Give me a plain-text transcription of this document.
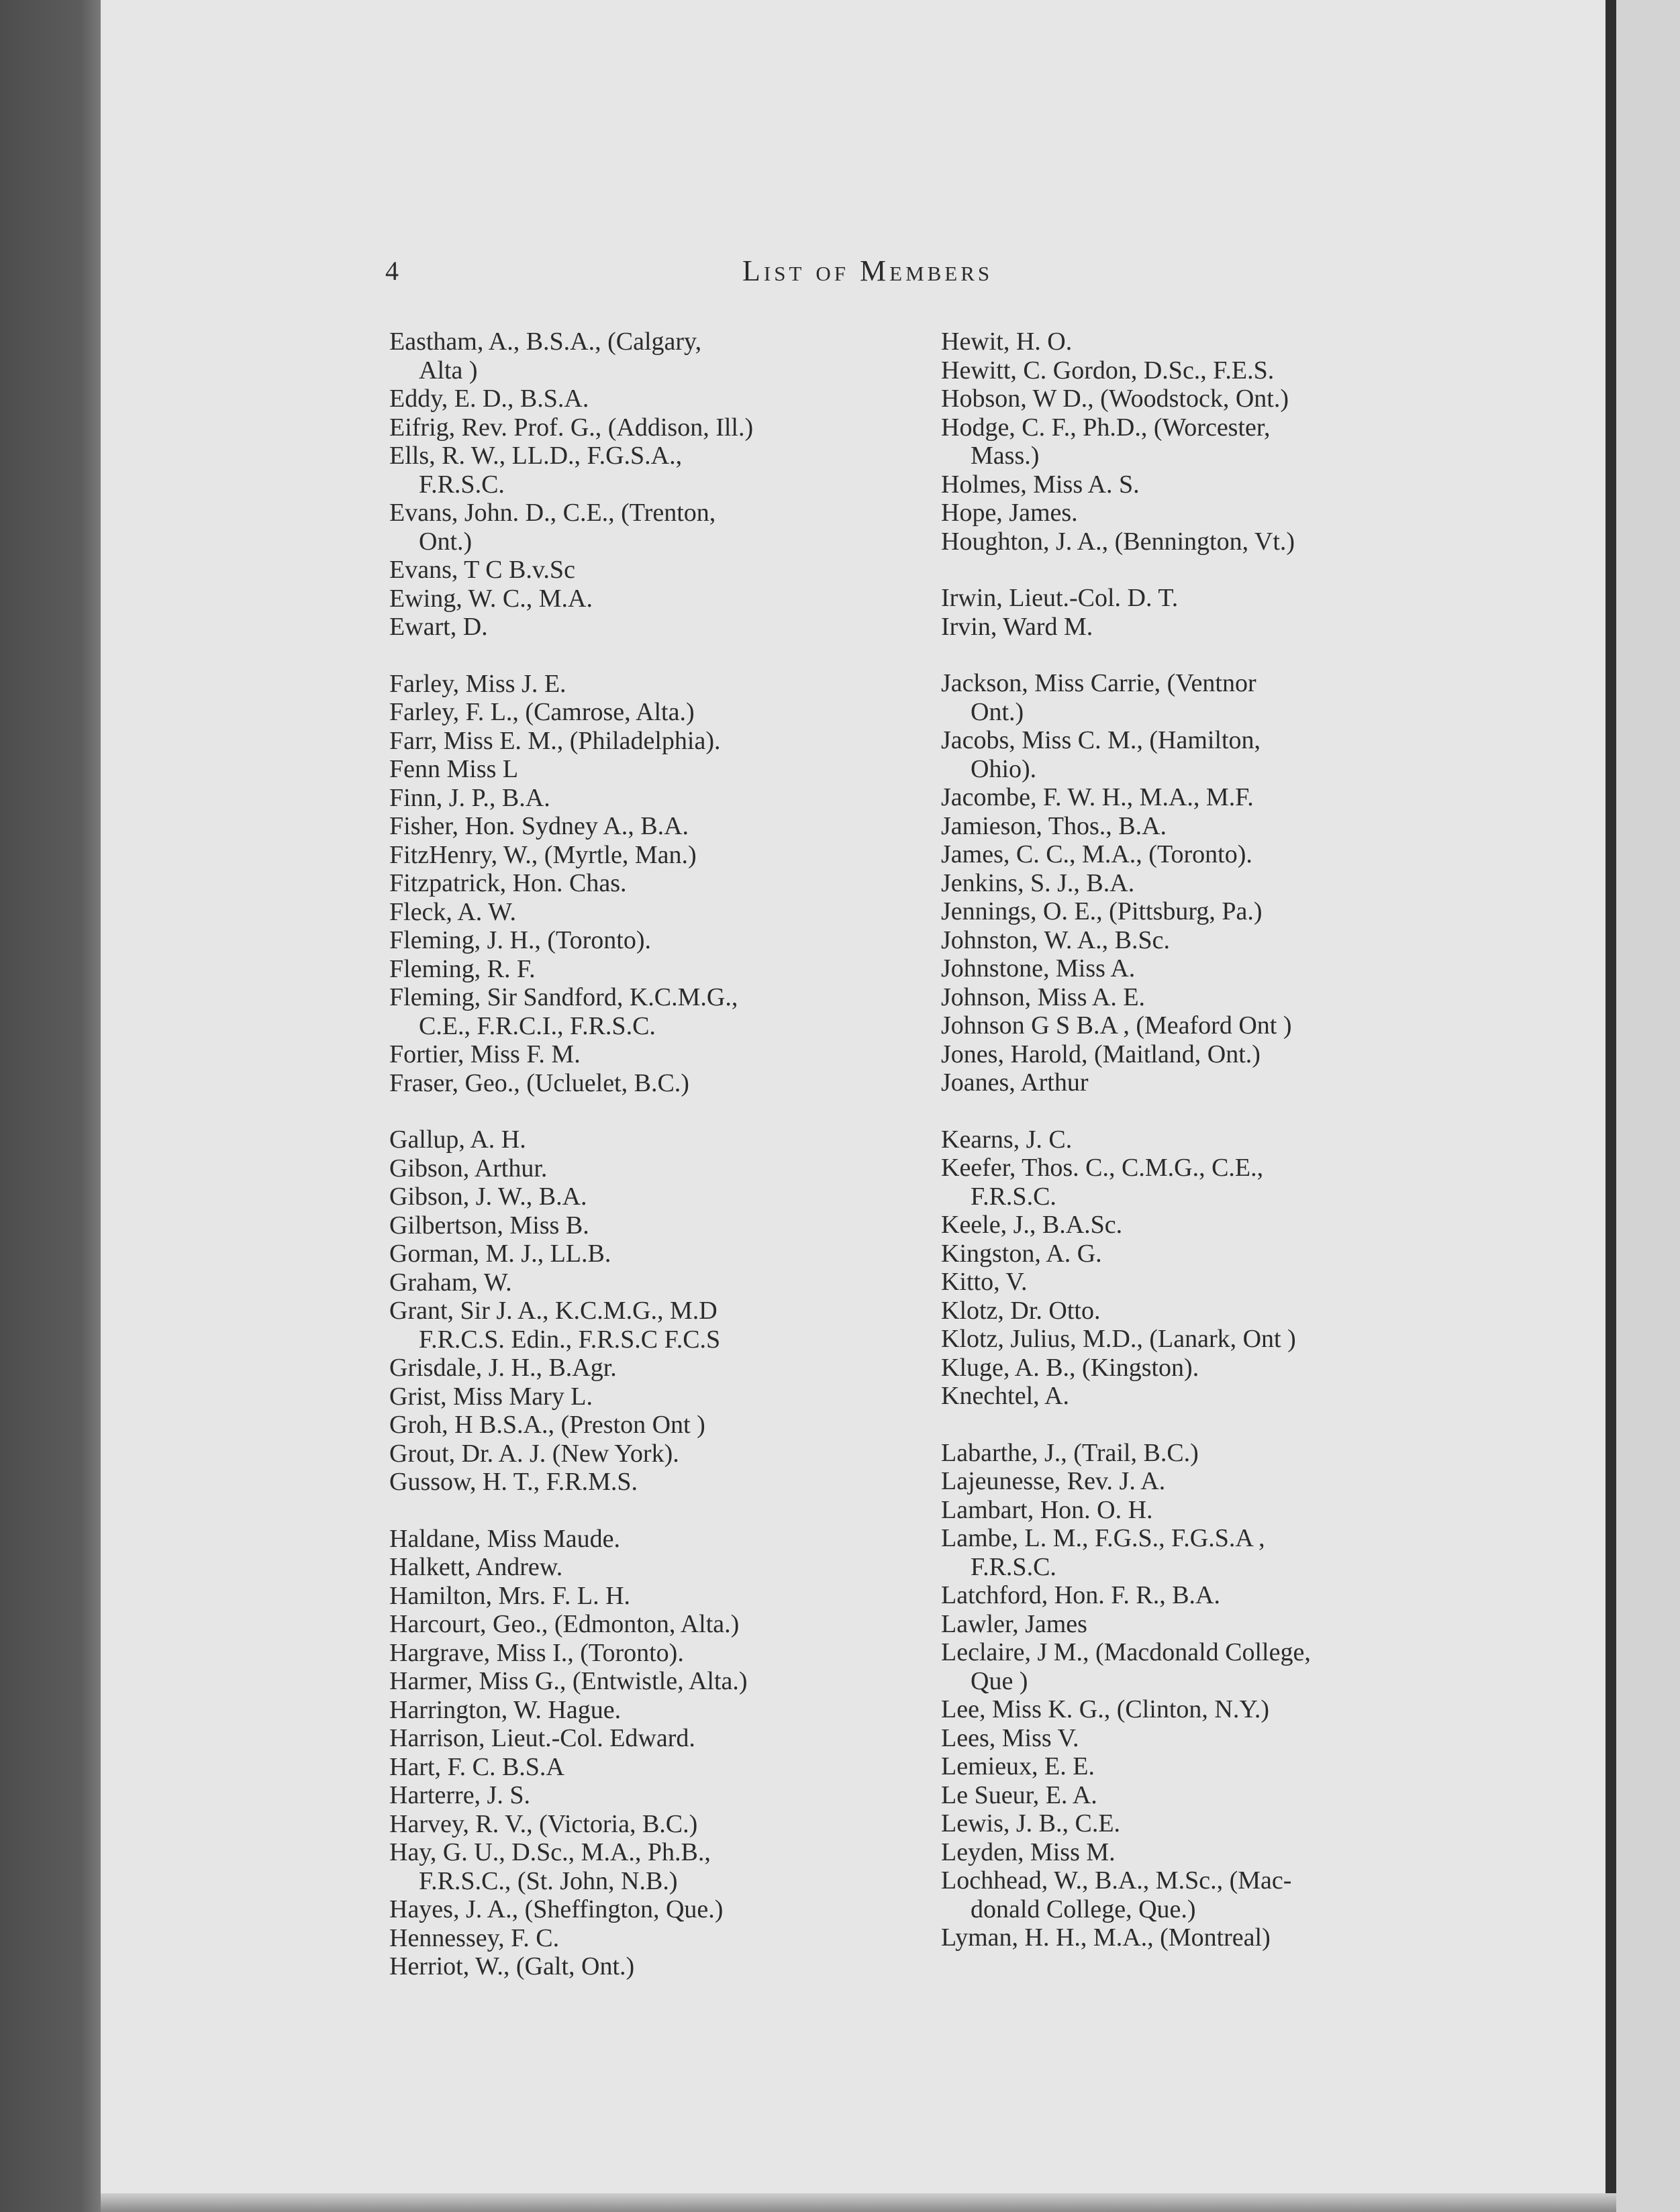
4	List of Members
Eastham, A., B.S.A., (Calgary,
Alta )
Eddy, E. D., B.S.A.
Eifrig, Rev. Prof. G., (Addison, Ill.)
Ells, R. W., LL.D., F.G.S.A.,
F.R.S.C.
Evans, John. D., C.E., (Trenton,
Ont.)
Evans, T C B.v.Sc
Ewing, W. C., M.A.
Ewart, D.
Farley, Miss J. E.
Farley, F. L., (Camrose, Alta.)
Farr, Miss E. M., (Philadelphia).
Fenn Miss L
Finn, J. P., B.A.
Fisher, Hon. Sydney A., B.A.
FitzHenry, W., (Myrtle, Man.)
Fitzpatrick, Hon. Chas.
Fleck, A. W.
Fleming, J. H., (Toronto).
Fleming, R. F.
Fleming, Sir Sandford, K.C.M.G.,
C.E., F.R.C.I., F.R.S.C.
Fortier, Miss F. M.
Fraser, Geo., (Ucluelet, B.C.)
Gallup, A. H.
Gibson, Arthur.
Gibson, J. W., B.A.
Gilbertson, Miss B.
Gorman, M. J., LL.B.
Graham, W.
Grant, Sir J. A., K.C.M.G., M.D
F.R.C.S. Edin., F.R.S.C F.C.S
Grisdale, J. H., B.Agr.
Grist, Miss Mary L.
Groh, H B.S.A., (Preston Ont )
Grout, Dr. A. J. (New York).
Gussow, H. T., F.R.M.S.
Haldane, Miss Maude.
Halkett, Andrew.
Hamilton, Mrs. F. L. H.
Harcourt, Geo., (Edmonton, Alta.)
Hargrave, Miss I., (Toronto).
Harmer, Miss G., (Entwistle, Alta.)
Harrington, W. Hague.
Harrison, Lieut.-Col. Edward.
Hart, F. C. B.S.A
Harterre, J. S.
Harvey, R. V., (Victoria, B.C.)
Hay, G. U., D.Sc., M.A., Ph.B.,
F.R.S.C., (St. John, N.B.)
Hayes, J. A., (Sheffington, Que.)
Hennessey, F. C.
Herriot, W., (Galt, Ont.)
Hewit, H. O.
Hewitt, C. Gordon, D.Sc., F.E.S.
Hobson, W D., (Woodstock, Ont.)
Hodge, C. F., Ph.D., (Worcester,
Mass.)
Holmes, Miss A. S.
Hope, James.
Houghton, J. A., (Bennington, Vt.)
Irwin, Lieut.-Col. D. T.
Irvin, Ward M.
Jackson, Miss Carrie, (Ventnor
Ont.)
Jacobs, Miss C. M., (Hamilton,
Ohio).
Jacombe, F. W. H., M.A., M.F.
Jamieson, Thos., B.A.
James, C. C., M.A., (Toronto).
Jenkins, S. J., B.A.
Jennings, O. E., (Pittsburg, Pa.)
Johnston, W. A., B.Sc.
Johnstone, Miss A.
Johnson, Miss A. E.
Johnson G S B.A , (Meaford Ont )
Jones, Harold, (Maitland, Ont.)
Joanes, Arthur
Kearns, J. C.
Keefer, Thos. C., C.M.G., C.E.,
F.R.S.C.
Keele, J., B.A.Sc.
Kingston, A. G.
Kitto, V.
Klotz, Dr. Otto.
Klotz, Julius, M.D., (Lanark, Ont )
Kluge, A. B., (Kingston).
Knechtel, A.
Labarthe, J., (Trail, B.C.)
Lajeunesse, Rev. J. A.
Lambart, Hon. O. H.
Lambe, L. M., F.G.S., F.G.S.A ,
F.R.S.C.
Latchford, Hon. F. R., B.A.
Lawler, James
Leclaire, J M., (Macdonald College,
Que )
Lee, Miss K. G., (Clinton, N.Y.)
Lees, Miss V.
Lemieux, E. E.
Le Sueur, E. A.
Lewis, J. B., C.E.
Leyden, Miss M.
Lochhead, W., B.A., M.Sc., (Mac-
donald College, Que.)
Lyman, H. H., M.A., (Montreal)
